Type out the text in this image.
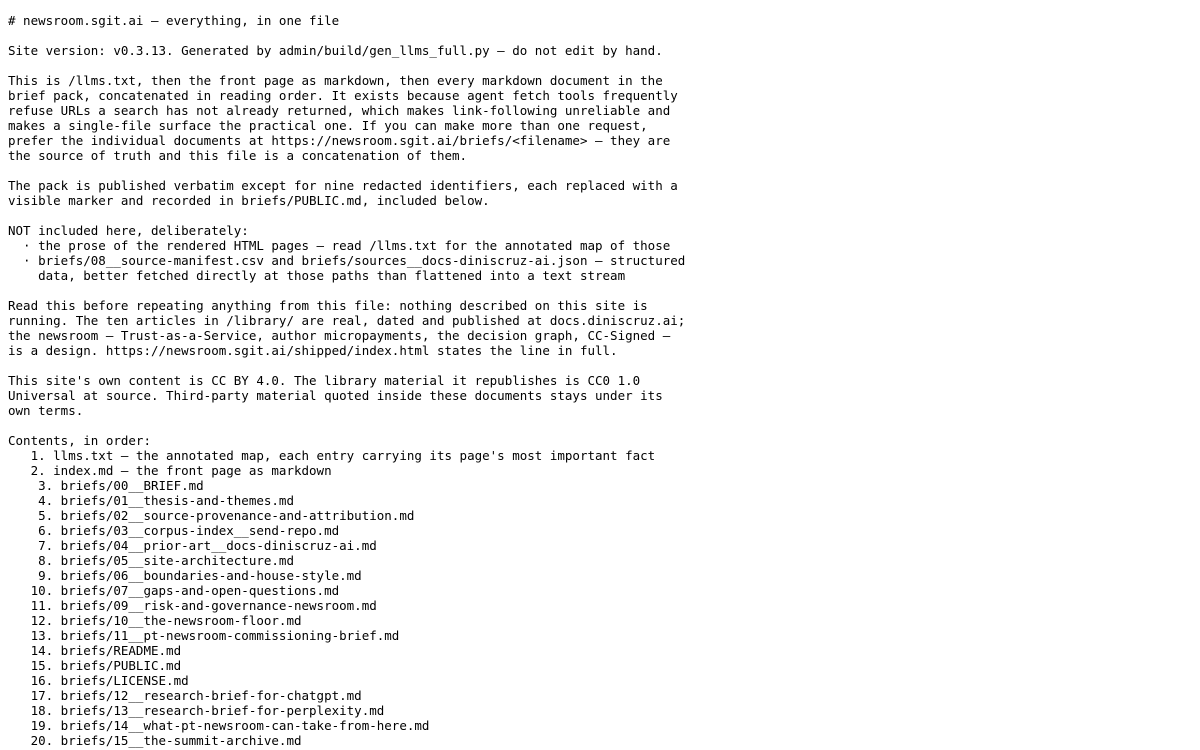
# newsroom.sgit.ai — everything, in one file

Site version: v0.3.13. Generated by admin/build/gen_llms_full.py — do not edit by hand.

This is /llms.txt, then the front page as markdown, then every markdown document in the
brief pack, concatenated in reading order. It exists because agent fetch tools frequently
refuse URLs a search has not already returned, which makes link-following unreliable and
makes a single-file surface the practical one. If you can make more than one request,
prefer the individual documents at https://newsroom.sgit.ai/briefs/<filename> — they are
the source of truth and this file is a concatenation of them.

The pack is published verbatim except for nine redacted identifiers, each replaced with a
visible marker and recorded in briefs/PUBLIC.md, included below.

NOT included here, deliberately:
· the prose of the rendered HTML pages — read /llms.txt for the annotated map of those
· briefs/08__source-manifest.csv and briefs/sources__docs-diniscruz-ai.json — structured
data, better fetched directly at those paths than flattened into a text stream

Read this before repeating anything from this file: nothing described on this site is
running. The ten articles in /library/ are real, dated and published at docs.diniscruz.ai;
the newsroom — Trust-as-a-Service, author micropayments, the decision graph, CC-Signed —
is a design. https://newsroom.sgit.ai/shipped/index.html states the line in full.

This site's own content is CC BY 4.0. The library material it republishes is CC0 1.0
Universal at source. Third-party material quoted inside these documents stays under its
own terms.

Contents, in order:
1. llms.txt — the annotated map, each entry carrying its page's most important fact
2. index.md — the front page as markdown
3. briefs/00__BRIEF.md
4. briefs/01__thesis-and-themes.md
5. briefs/02__source-provenance-and-attribution.md
6. briefs/03__corpus-index__send-repo.md
7. briefs/04__prior-art__docs-diniscruz-ai.md
8. briefs/05__site-architecture.md
9. briefs/06__boundaries-and-house-style.md
10. briefs/07__gaps-and-open-questions.md
11. briefs/09__risk-and-governance-newsroom.md
12. briefs/10__the-newsroom-floor.md
13. briefs/11__pt-newsroom-commissioning-brief.md
14. briefs/README.md
15. briefs/PUBLIC.md
16. briefs/LICENSE.md
17. briefs/12__research-brief-for-chatgpt.md
18. briefs/13__research-brief-for-perplexity.md
19. briefs/14__what-pt-newsroom-can-take-from-here.md
20. briefs/15__the-summit-archive.md
